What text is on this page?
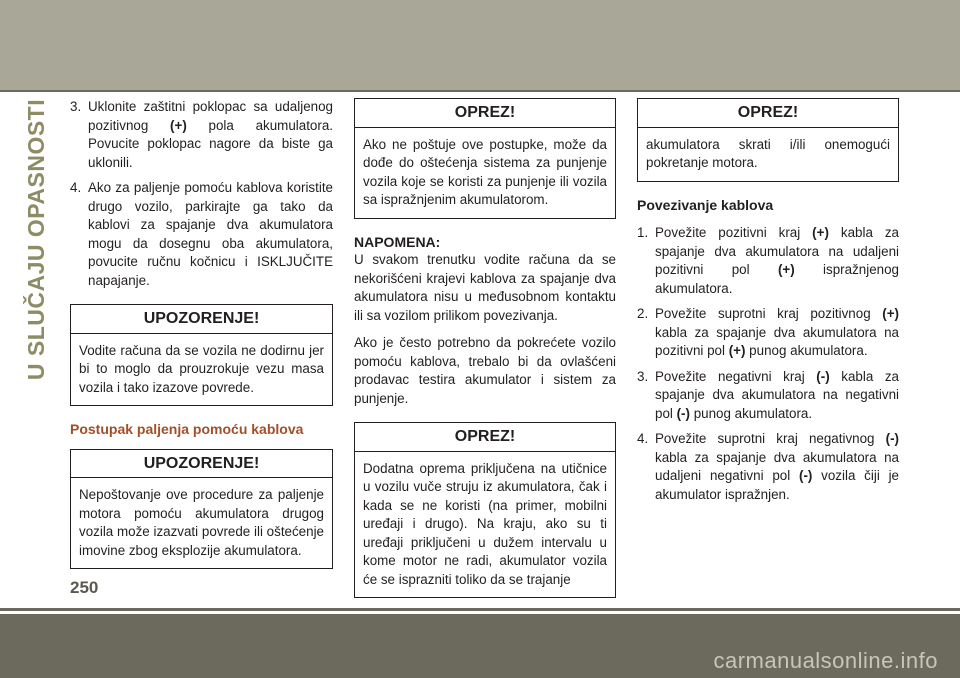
U SLUČAJU OPASNOSTI 3. Uklonite zaštitni poklopac sa udaljenog pozitivnog (+) pola akumulatora. Povucite poklopac nagore da biste ga uklonili.
4. Ako za paljenje pomoću kablova koristite drugo vozilo, parkirajte ga tako da kablovi za spajanje dva akumulatora mogu da dosegnu oba akumulatora, povucite ručnu kočnicu i ISKLJUČITE napajanje.
UPOZORENJE!
Vodite računa da se vozila ne dodirnu jer bi to moglo da prouzrokuje vezu masa vozila i tako izazove povrede.
Postupak paljenja pomoću kablova
UPOZORENJE!
Nepoštovanje ove procedure za paljenje motora pomoću akumulatora drugog vozila može izazvati povrede ili oštećenje imovine zbog eksplozije akumulatora.
OPREZ!
Ako ne poštuje ove postupke, može da dođe do oštećenja sistema za punjenje vozila koje se koristi za punjenje ili vozila sa ispražnjenim akumulatorom.
NAPOMENA:

U svakom trenutku vodite računa da se nekorišćeni krajevi kablova za spajanje dva akumulatora nisu u međusobnom kontaktu ili sa vozilom prilikom povezivanja.

Ako je često potrebno da pokrećete vozilo pomoću kablova, trebalo bi da ovlašćeni prodavac testira akumulator i sistem za punjenje.

OPREZ!
Dodatna oprema priključena na utičnice u vozilu vuče struju iz akumulatora, čak i kada se ne koristi (na primer, mobilni uređaji i drugo). Na kraju, ako su ti uređaji priključeni u dužem intervalu u kome motor ne radi, akumulator vozila će se isprazniti toliko da se trajanje
OPREZ!
akumulatora skrati i/ili onemogući pokretanje motora.
Povezivanje kablova
1. Povežite pozitivni kraj (+) kabla za spajanje dva akumulatora na udaljeni pozitivni pol (+) ispražnjenog akumulatora.
2. Povežite suprotni kraj pozitivnog (+) kabla za spajanje dva akumulatora na pozitivni pol (+) punog akumulatora.
3. Povežite negativni kraj (-) kabla za spajanje dva akumulatora na negativni pol (-) punog akumulatora.
4. Povežite suprotni kraj negativnog (-) kabla za spajanje dva akumulatora na udaljeni negativni pol (-) vozila čiji je akumulator ispražnjen.
250
carmanualsonline.info
